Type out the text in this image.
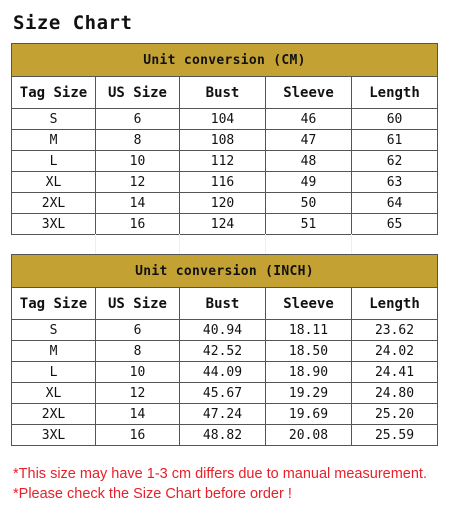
Size Chart
Unit conversion (CM)				
Tag Size	US Size	Bust	Sleeve	Length
S	6	104	46	60
M	8	108	47	61
L	10	112	48	62
XL	12	116	49	63
2XL	14	120	50	64
3XL	16	124	51	65
Unit conversion (INCH)				
Tag Size	US Size	Bust	Sleeve	Length
S	6	40.94	18.11	23.62
M	8	42.52	18.50	24.02
L	10	44.09	18.90	24.41
XL	12	45.67	19.29	24.80
2XL	14	47.24	19.69	25.20
3XL	16	48.82	20.08	25.59
*This size may have 1-3 cm differs due to manual measurement.
*Please check the Size Chart before order !
